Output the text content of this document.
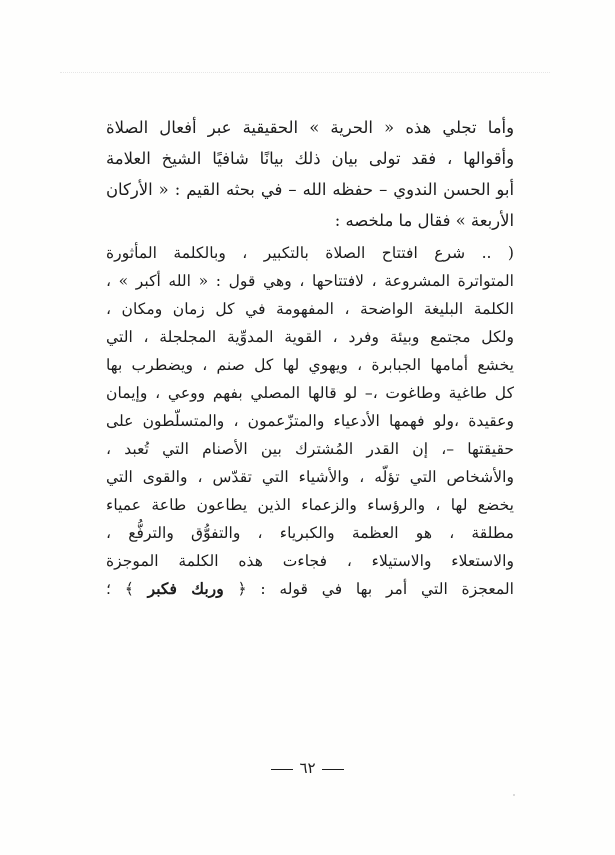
وأما تجلي هذه « الحرية » الحقيقية عبر أفعال الصلاة
وأقوالها ، فقد تولى بيان ذلك بيانًا شافيًا الشيخ العلامة
أبو الحسن الندوي – حفظه الله – في بحثه القيم : « الأركان
الأربعة » فقال ما ملخصه :
( .. شرع افتتاح الصلاة بالتكبير ، وبالكلمة المأثورة
المتواترة المشروعة ، لافتتاحها ، وهي قول : « الله أكبر » ،
الكلمة البليغة الواضحة ، المفهومة في كل زمان ومكان ،
ولكل مجتمع وبيئة وفرد ، القوية المدوِّية المجلجلة ، التي
يخشع أمامها الجبابرة ، ويهوي لها كل صنم ، ويضطرب بها
كل طاغية وطاغوت ،– لو قالها المصلي بفهم ووعي ، وإيمان
وعقيدة ،ولو فهمها الأدعياء والمتزّعمون ، والمتسلّطون على
حقيقتها –، إن القدر المُشترك بين الأصنام التي تُعبد ،
والأشخاص التي تؤلّه ، والأشياء التي تقدّس ، والقوى التي
يخضع لها ، والرؤساء والزعماء الذين يطاعون طاعة عمياء
مطلقة ، هو العظمة والكبرياء ، والتفوُّق والترفُّع ،
والاستعلاء والاستيلاء ، فجاءت هذه الكلمة الموجزة
المعجزة التي أمر بها في قوله : ﴿ وربك فكبر ﴾ ؛
٦٢
